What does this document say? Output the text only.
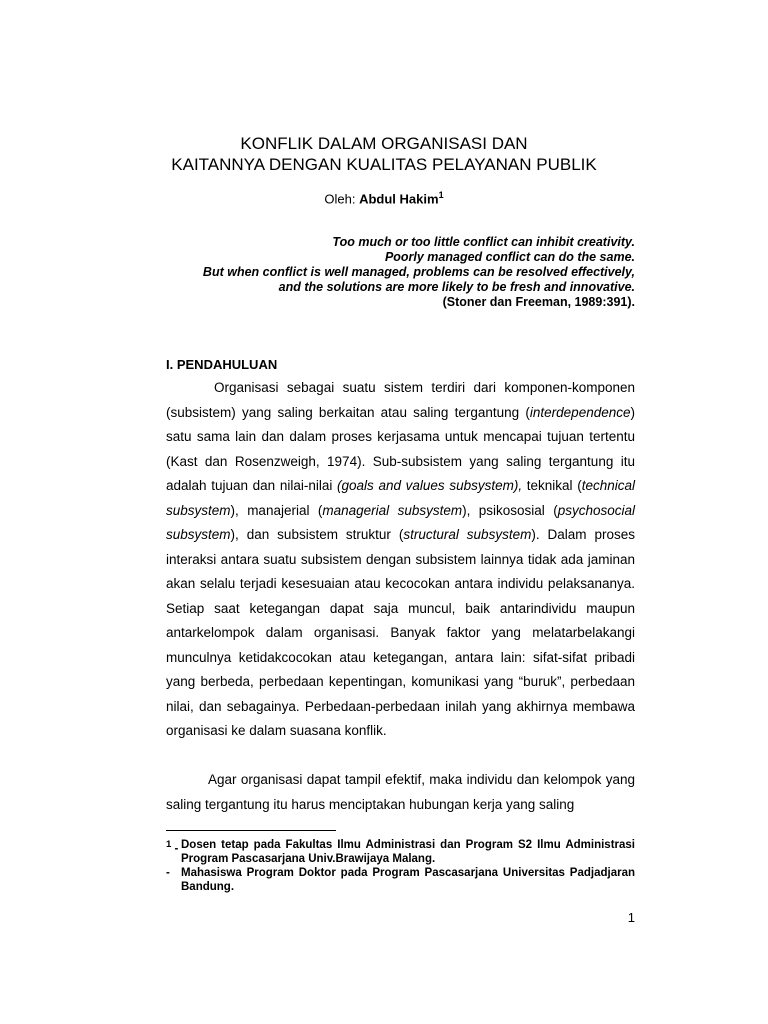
KONFLIK DALAM ORGANISASI DAN
KAITANNYA DENGAN KUALITAS PELAYANAN PUBLIK
Oleh: Abdul Hakim$^1$
Too much or too little conflict can inhibit creativity.
Poorly managed conflict can do the same.
But when conflict is well managed, problems can be resolved effectively,
and the solutions are more likely to be fresh and innovative.
(Stoner dan Freeman, 1989:391).
I. PENDAHULUAN
Organisasi sebagai suatu sistem terdiri dari komponen-komponen (subsistem) yang saling berkaitan atau saling tergantung (interdependence) satu sama lain dan dalam proses kerjasama untuk mencapai tujuan tertentu (Kast dan Rosenzweigh, 1974). Sub-subsistem yang saling tergantung itu adalah tujuan dan nilai-nilai (goals and values subsystem), teknikal (technical subsystem), manajerial (managerial subsystem), psikososial (psychosocial subsystem), dan subsistem struktur (structural subsystem). Dalam proses interaksi antara suatu subsistem dengan subsistem lainnya tidak ada jaminan akan selalu terjadi kesesuaian atau kecocokan antara individu pelaksananya. Setiap saat ketegangan dapat saja muncul, baik antarindividu maupun antarkelompok dalam organisasi. Banyak faktor yang melatarbelakangi munculnya ketidakcocokan atau ketegangan, antara lain: sifat-sifat pribadi yang berbeda, perbedaan kepentingan, komunikasi yang “buruk”, perbedaan nilai, dan sebagainya. Perbedaan-perbedaan inilah yang akhirnya membawa organisasi ke dalam suasana konflik.
Agar organisasi dapat tampil efektif, maka individu dan kelompok yang saling tergantung itu harus menciptakan hubungan kerja yang saling
$^1$ - Dosen tetap pada Fakultas Ilmu Administrasi dan Program S2 Ilmu Administrasi Program Pascasarjana Univ.Brawijaya Malang.
- Mahasiswa Program Doktor pada Program Pascasarjana Universitas Padjadjaran Bandung.
1
